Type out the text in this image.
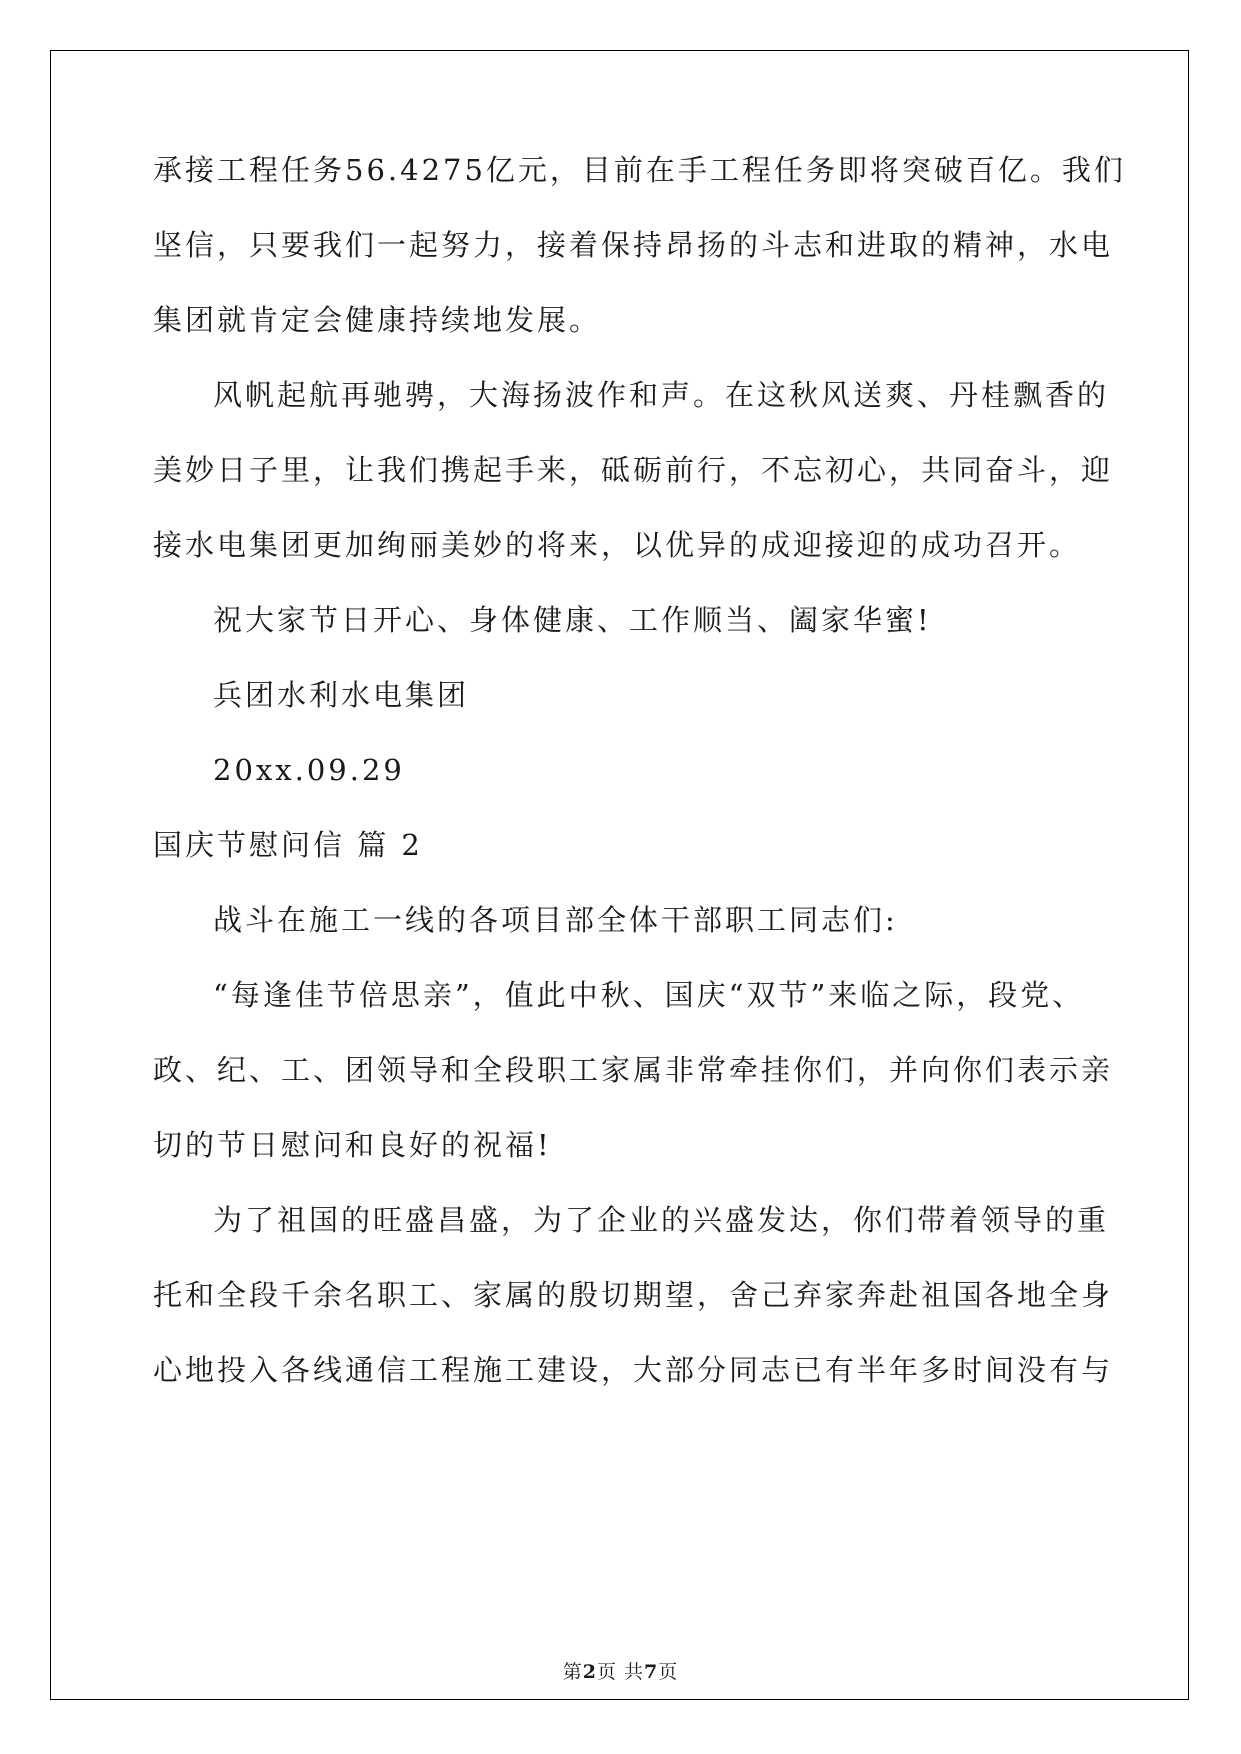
承接工程任务56.4275亿元，目前在手工程任务即将突破百亿。我们
坚信，只要我们一起努力，接着保持昂扬的斗志和进取的精神，水电
集团就肯定会健康持续地发展。
风帆起航再驰骋，大海扬波作和声。在这秋风送爽、丹桂飘香的
美妙日子里，让我们携起手来，砥砺前行，不忘初心，共同奋斗，迎
接水电集团更加绚丽美妙的将来，以优异的成迎接迎的成功召开。
祝大家节日开心、身体健康、工作顺当、阖家华蜜!
兵团水利水电集团
20xx.09.29
国庆节慰问信 篇 2
战斗在施工一线的各项目部全体干部职工同志们:
“每逢佳节倍思亲”，值此中秋、国庆“双节”来临之际，段党、
政、纪、工、团领导和全段职工家属非常牵挂你们，并向你们表示亲
切的节日慰问和良好的祝福!
为了祖国的旺盛昌盛，为了企业的兴盛发达，你们带着领导的重
托和全段千余名职工、家属的殷切期望，舍己弃家奔赴祖国各地全身
心地投入各线通信工程施工建设，大部分同志已有半年多时间没有与
第2页 共7页
